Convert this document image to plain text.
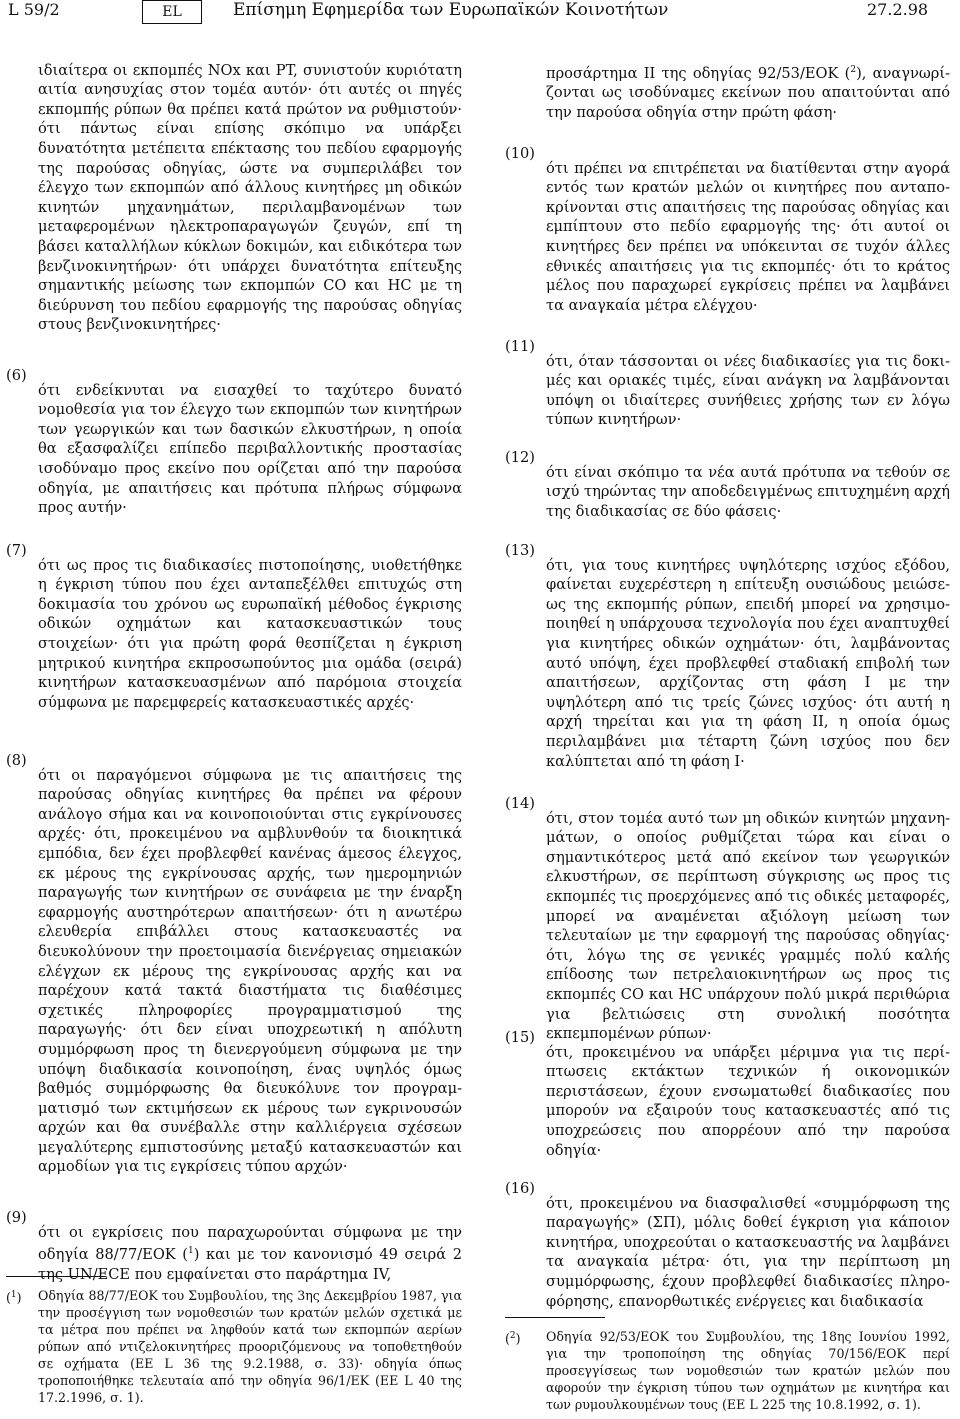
L 59/2	EL	Επίσημη Εφημερίδα των Ευρωπαϊκών Κοινοτήτων	27.2.98

ιδιαίτερα οι εκπομπές NOx και PT, συνιστούν κυριότατη αιτία ανησυχίας στον τομέα αυτόν· ότι αυτές οι πηγές εκπομπής ρύπων θα πρέπει κατά πρώτον να ρυθμιστούν· ότι πάντως είναι επίσης σκόπιμο να υπάρξει δυνατότητα μετέπειτα επέκτασης του πεδίου εφαρμογής της παρούσας οδηγίας, ώστε να συμπεριλάβει τον έλεγχο των εκπομπών από άλλους κινητήρες μη οδικών κινητών μηχανημάτων, περιλαμβανομένων των μεταφερομένων ηλεκτροπαραγωγών ζευγών, επί τη βάσει καταλλήλων κύκλων δοκιμών, και ειδικότερα των βενζινοκινητήρων· ότι υπάρχει δυνατότητα επίτευξης σημαντικής μείωσης των εκπομπών CO και HC με τη διεύρυνση του πεδίου εφαρμογής της παρούσας οδηγίας στους βενζινοκινητήρες·

(6)

ότι ενδείκνυται να εισαχθεί το ταχύτερο δυνατό νομοθεσία για τον έλεγχο των εκπομπών των κινητήρων των γεωργικών και των δασικών ελκυστήρων, η οποία θα εξασφαλίζει επίπεδο περιβαλλοντικής προστασίας ισοδύναμο προς εκείνο που ορίζεται από την παρούσα οδηγία, με απαιτήσεις και πρότυπα πλήρως σύμφωνα προς αυτήν·

(7)

ότι ως προς τις διαδικασίες πιστοποίησης, υιοθετήθηκε η έγκριση τύπου που έχει ανταπεξέλθει επιτυχώς στη δοκιμασία του χρόνου ως ευρωπαϊκή μέθοδος έγκρισης οδικών οχημάτων και κατασκευαστικών τους στοιχείων· ότι για πρώτη φορά θεσπίζεται η έγκριση μητρικού κινητήρα εκπροσωπούντος μια ομάδα (σειρά) κινητήρων κατασκευασμένων από παρόμοια στοιχεία σύμφωνα με παρεμφερείς κατασκευαστικές αρχές·

(8)

ότι οι παραγόμενοι σύμφωνα με τις απαιτήσεις της παρούσας οδηγίας κινητήρες θα πρέπει να φέρουν ανάλογο σήμα και να κοινοποιούνται στις εγκρίνουσες αρχές· ότι, προκειμένου να αμβλυνθούν τα διοικητικά εμπόδια, δεν έχει προβλεφθεί κανένας άμεσος έλεγχος, εκ μέρους της εγκρίνουσας αρχής, των ημερομηνιών παραγωγής των κινητήρων σε συνάφεια με την έναρξη εφαρμογής αυστηρότερων απαιτήσεων· ότι η ανωτέρω ελευθερία επιβάλλει στους κατασκευαστές να διευκολύνουν την προετοιμασία διενέργειας σημειακών ελέγχων εκ μέρους της εγκρίνουσας αρχής και να παρέχουν κατά τακτά διαστήματα τις διαθέσιμες σχετικές πληροφορίες προγραμματισμού της παραγωγής· ότι δεν είναι υποχρεωτική η απόλυτη συμμόρφωση προς τη διενεργούμενη σύμφωνα με την υπόψη διαδικασία κοινοποίηση, ένας υψηλός όμως βαθμός συμμόρφωσης θα διευκόλυνε τον προγραμματισμό των εκτιμήσεων εκ μέρους των εγκρινουσών αρχών και θα συνέβαλλε στην καλλιέργεια σχέσεων μεγαλύτερης εμπιστοσύνης μεταξύ κατασκευαστών και αρμοδίων για τις εγκρίσεις τύπου αρχών·

(9)

ότι οι εγκρίσεις που παραχωρούνται σύμφωνα με την οδηγία 88/77/ΕΟΚ ($^1$) και με τον κανονισμό 49 σειρά 2 της UN/ECE που εμφαίνεται στο παράρτημα IV,

($^1$) Οδηγία 88/77/ΕΟΚ του Συμβουλίου, της 3ης Δεκεμβρίου 1987, για την προσέγγιση των νομοθεσιών των κρατών μελών σχετικά με τα μέτρα που πρέπει να ληφθούν κατά των εκπομπών αερίων ρύπων από ντιζελοκινητήρες προοριζόμενους να τοποθετηθούν σε οχήματα (ΕΕ L 36 της 9.2.1988, σ. 33)· οδηγία όπως τροποποιήθηκε τελευταία από την οδηγία 96/1/ΕΚ (ΕΕ L 40 της 17.2.1996, σ. 1).

προσάρτημα II της οδηγίας 92/53/ΕΟΚ ($^2$), αναγνωρίζονται ως ισοδύναμες εκείνων που απαιτούνται από την παρούσα οδηγία στην πρώτη φάση·

(10)

ότι πρέπει να επιτρέπεται να διατίθενται στην αγορά εντός των κρατών μελών οι κινητήρες που ανταποκρίνονται στις απαιτήσεις της παρούσας οδηγίας και εμπίπτουν στο πεδίο εφαρμογής της· ότι αυτοί οι κινητήρες δεν πρέπει να υπόκεινται σε τυχόν άλλες εθνικές απαιτήσεις για τις εκπομπές· ότι το κράτος μέλος που παραχωρεί εγκρίσεις πρέπει να λαμβάνει τα αναγκαία μέτρα ελέγχου·

(11)

ότι, όταν τάσσονται οι νέες διαδικασίες για τις δοκιμές και οριακές τιμές, είναι ανάγκη να λαμβάνονται υπόψη οι ιδιαίτερες συνήθειες χρήσης των εν λόγω τύπων κινητήρων·

(12)

ότι είναι σκόπιμο τα νέα αυτά πρότυπα να τεθούν σε ισχύ τηρώντας την αποδεδειγμένως επιτυχημένη αρχή της διαδικασίας σε δύο φάσεις·

(13)

ότι, για τους κινητήρες υψηλότερης ισχύος εξόδου, φαίνεται ευχερέστερη η επίτευξη ουσιώδους μειώσεως της εκπομπής ρύπων, επειδή μπορεί να χρησιμοποιηθεί η υπάρχουσα τεχνολογία που έχει αναπτυχθεί για κινητήρες οδικών οχημάτων· ότι, λαμβάνοντας αυτό υπόψη, έχει προβλεφθεί σταδιακή επιβολή των απαιτήσεων, αρχίζοντας στη φάση I με την υψηλότερη από τις τρείς ζώνες ισχύος· ότι αυτή η αρχή τηρείται και για τη φάση II, η οποία όμως περιλαμβάνει μια τέταρτη ζώνη ισχύος που δεν καλύπτεται από τη φάση I·

(14)

ότι, στον τομέα αυτό των μη οδικών κινητών μηχανημάτων, ο οποίος ρυθμίζεται τώρα και είναι ο σημαντικότερος μετά από εκείνον των γεωργικών ελκυστήρων, σε περίπτωση σύγκρισης ως προς τις εκπομπές τις προερχόμενες από τις οδικές μεταφορές, μπορεί να αναμένεται αξιόλογη μείωση των τελευταίων με την εφαρμογή της παρούσας οδηγίας· ότι, λόγω της σε γενικές γραμμές πολύ καλής επίδοσης των πετρελαιοκινητήρων ως προς τις εκπομπές CO και HC υπάρχουν πολύ μικρά περιθώρια για βελτιώσεις στη συνολική ποσότητα εκπεμπομένων ρύπων·

(15)

ότι, προκειμένου να υπάρξει μέριμνα για τις περίπτωσεις εκτάκτων τεχνικών ή οικονομικών περιστάσεων, έχουν ενσωματωθεί διαδικασίες που μπορούν να εξαιρούν τους κατασκευαστές από τις υποχρεώσεις που απορρέουν από την παρούσα οδηγία·

(16)

ότι, προκειμένου να διασφαλισθεί «συμμόρφωση της παραγωγής» (ΣΠ), μόλις δοθεί έγκριση για κάποιον κινητήρα, υποχρεούται ο κατασκευαστής να λαμβάνει τα αναγκαία μέτρα· ότι, για την περίπτωση μη συμμόρφωσης, έχουν προβλεφθεί διαδικασίες πληροφόρησης, επανορθωτικές ενέργειες και διαδικασία

($^2$) Οδηγία 92/53/ΕΟΚ του Συμβουλίου, της 18ης Ιουνίου 1992, για την τροποποίηση της οδηγίας 70/156/ΕΟΚ περί προσεγγίσεως των νομοθεσιών των κρατών μελών που αφορούν την έγκριση τύπου των οχημάτων με κινητήρα και των ρυμουλκουμένων τους (ΕΕ L 225 της 10.8.1992, σ. 1).
